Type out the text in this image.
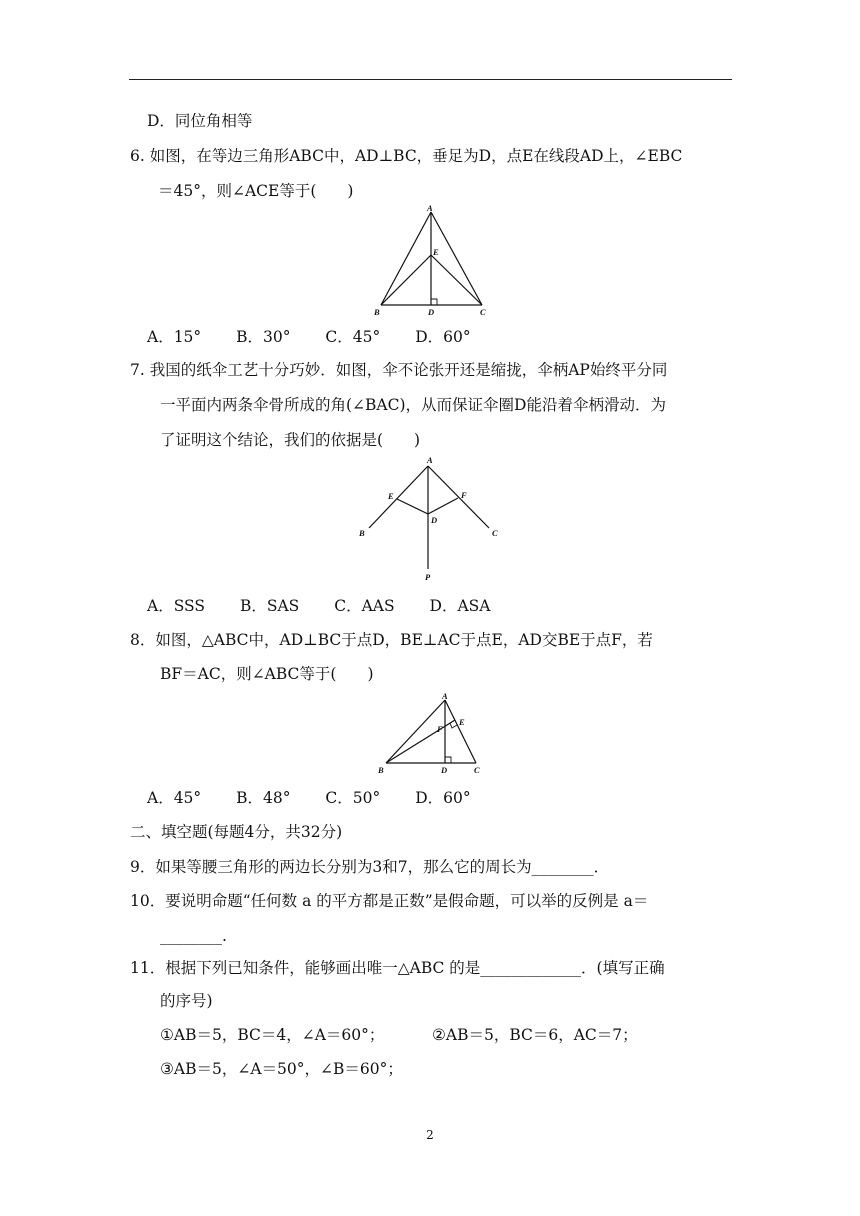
D．同位角相等
6. 如图，在等边三角形ABC中，AD⊥BC，垂足为D，点E在线段AD上，∠EBC
＝45°，则∠ACE等于(　　)
A
E
B	D	C
A．15° B．30° C．45° D．60°
7. 我国的纸伞工艺十分巧妙．如图，伞不论张开还是缩拢，伞柄AP始终平分同
一平面内两条伞骨所成的角(∠BAC)，从而保证伞圈D能沿着伞柄滑动．为
了证明这个结论，我们的依据是(　　)
A
E	F
B
D
C
P
A．SSS B．SAS C．AAS D．ASA
8．如图，△ABC中，AD⊥BC于点D，BE⊥AC于点E，AD交BE于点F，若
BF＝AC，则∠ABC等于(　　)
A
F
E
B	D	C
A．45° B．48° C．50° D．60°
二、填空题(每题4分，共32分)
9．如果等腰三角形的两边长分别为3和7，那么它的周长为________．
10．要说明命题“任何数 a 的平方都是正数”是假命题，可以举的反例是 a＝
________.
11．根据下列已知条件，能够画出唯一△ABC 的是_____________．(填写正确
的序号)
①AB＝5，BC＝4，∠A＝60°；	②AB＝5，BC＝6，AC＝7；
③AB＝5，∠A＝50°，∠B＝60°；
2
